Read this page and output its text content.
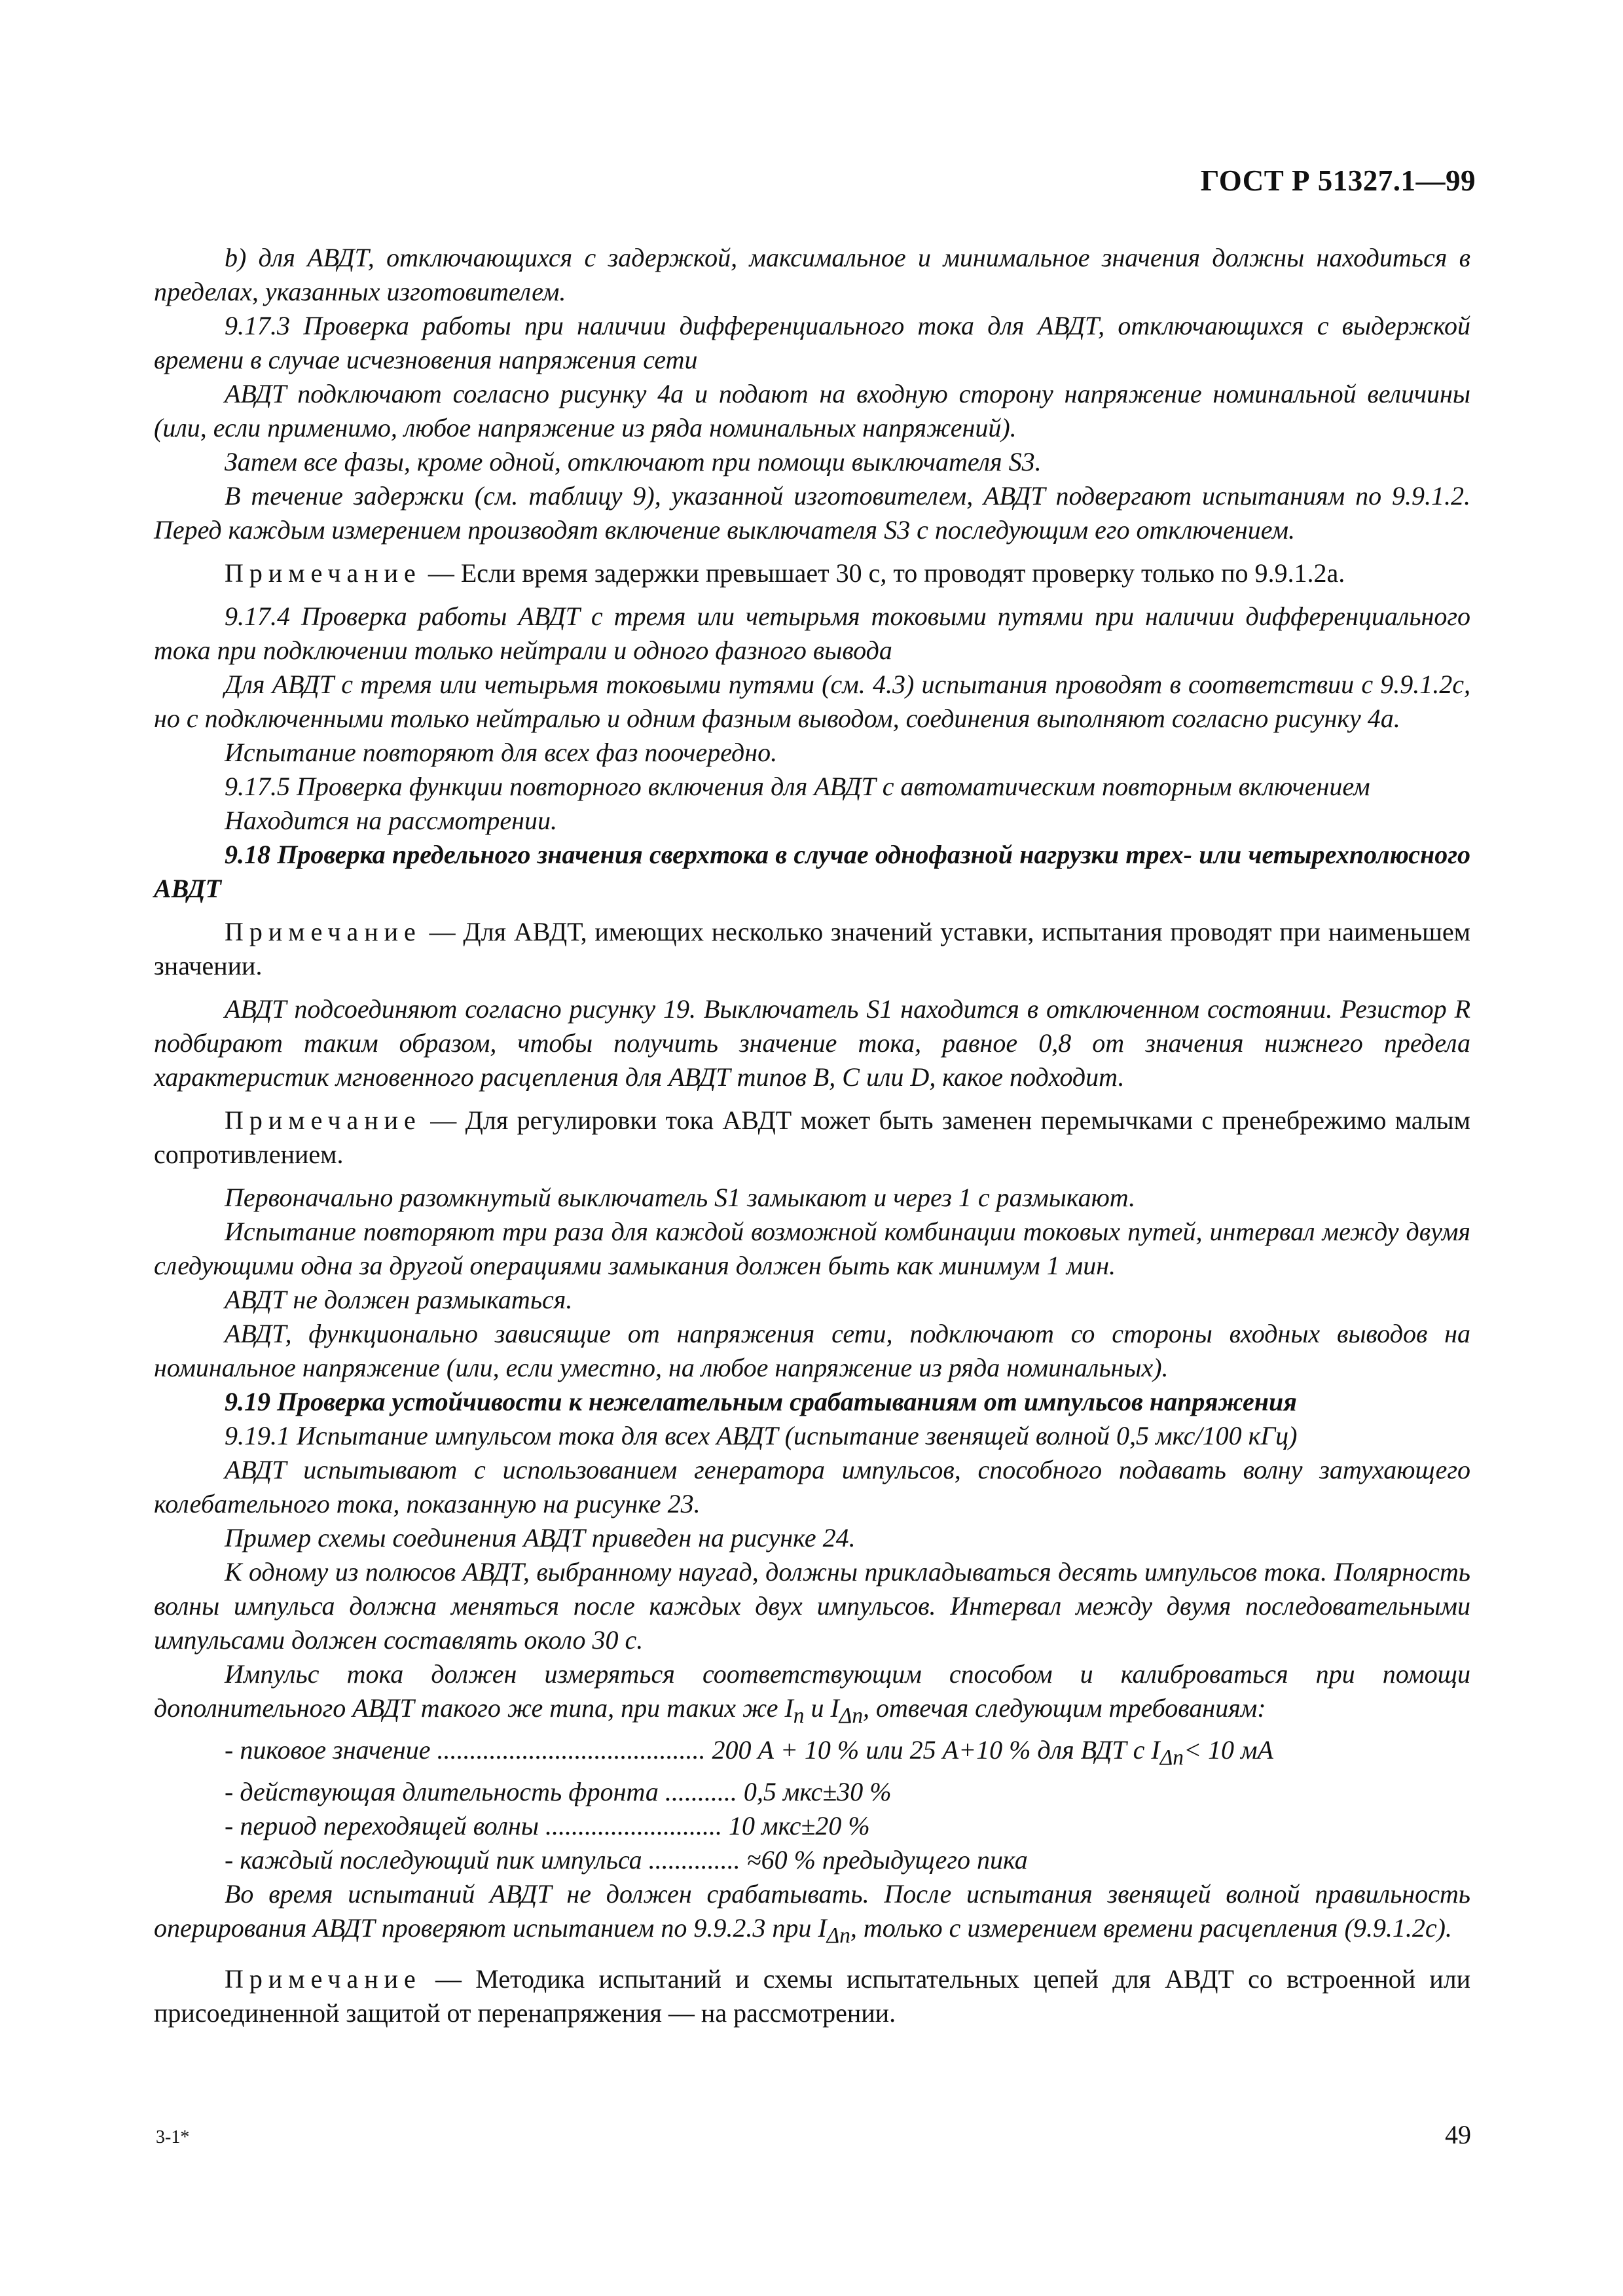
ГОСТ Р 51327.1—99

b) для АВДТ, отключающихся с задержкой, максимальное и минимальное значения должны находиться в пределах, указанных изготовителем.

9.17.3 Проверка работы при наличии дифференциального тока для АВДТ, отключающихся с выдержкой времени в случае исчезновения напряжения сети

АВДТ подключают согласно рисунку 4а и подают на входную сторону напряжение номинальной величины (или, если применимо, любое напряжение из ряда номинальных напряжений).

Затем все фазы, кроме одной, отключают при помощи выключателя S3.

В течение задержки (см. таблицу 9), указанной изготовителем, АВДТ подвергают испытаниям по 9.9.1.2. Перед каждым измерением производят включение выключателя S3 с последующим его отключением.

Примечание — Если время задержки превышает 30 с, то проводят проверку только по 9.9.1.2а.

9.17.4 Проверка работы АВДТ с тремя или четырьмя токовыми путями при наличии дифференциального тока при подключении только нейтрали и одного фазного вывода

Для АВДТ с тремя или четырьмя токовыми путями (см. 4.3) испытания проводят в соответствии с 9.9.1.2с, но с подключенными только нейтралью и одним фазным выводом, соединения выполняют согласно рисунку 4а.

Испытание повторяют для всех фаз поочередно.

9.17.5 Проверка функции повторного включения для АВДТ с автоматическим повторным включением

Находится на рассмотрении.

9.18 Проверка предельного значения сверхтока в случае однофазной нагрузки трех- или четырехполюсного АВДТ

Примечание — Для АВДТ, имеющих несколько значений уставки, испытания проводят при наименьшем значении.

АВДТ подсоединяют согласно рисунку 19. Выключатель S1 находится в отключенном состоянии. Резистор R подбирают таким образом, чтобы получить значение тока, равное 0,8 от значения нижнего предела характеристик мгновенного расцепления для АВДТ типов B, C или D, какое подходит.

Примечание — Для регулировки тока АВДТ может быть заменен перемычками с пренебрежимо малым сопротивлением.

Первоначально разомкнутый выключатель S1 замыкают и через 1 с размыкают.

Испытание повторяют три раза для каждой возможной комбинации токовых путей, интервал между двумя следующими одна за другой операциями замыкания должен быть как минимум 1 мин.

АВДТ не должен размыкаться.

АВДТ, функционально зависящие от напряжения сети, подключают со стороны входных выводов на номинальное напряжение (или, если уместно, на любое напряжение из ряда номинальных).

9.19 Проверка устойчивости к нежелательным срабатываниям от импульсов напряжения

9.19.1 Испытание импульсом тока для всех АВДТ (испытание звенящей волной 0,5 мкс/100 кГц)

АВДТ испытывают с использованием генератора импульсов, способного подавать волну затухающего колебательного тока, показанную на рисунке 23.

Пример схемы соединения АВДТ приведен на рисунке 24.

К одному из полюсов АВДТ, выбранному наугад, должны прикладываться десять импульсов тока. Полярность волны импульса должна меняться после каждых двух импульсов. Интервал между двумя последовательными импульсами должен составлять около 30 с.

Импульс тока должен измеряться соответствующим способом и калиброваться при помощи дополнительного АВДТ такого же типа, при таких же $I_n$ и $I_{\Delta n}$, отвечая следующим требованиям:

- пиковое значение ......................................... 200 А + 10 % или 25 А+10 % для ВДТ с $I_{\Delta n}< 10$ мА

- действующая длительность фронта ........... 0,5 мкс±30 %

- период переходящей волны ........................... 10 мкс±20 %

- каждый последующий пик импульса .............. ≈60 % предыдущего пика

Во время испытаний АВДТ не должен срабатывать. После испытания звенящей волной правильность оперирования АВДТ проверяют испытанием по 9.9.2.3 при $I_{\Delta n}$, только с измерением времени расцепления (9.9.1.2с).

Примечание — Методика испытаний и схемы испытательных цепей для АВДТ со встроенной или присоединенной защитой от перенапряжения — на рассмотрении.

3-1*	49
